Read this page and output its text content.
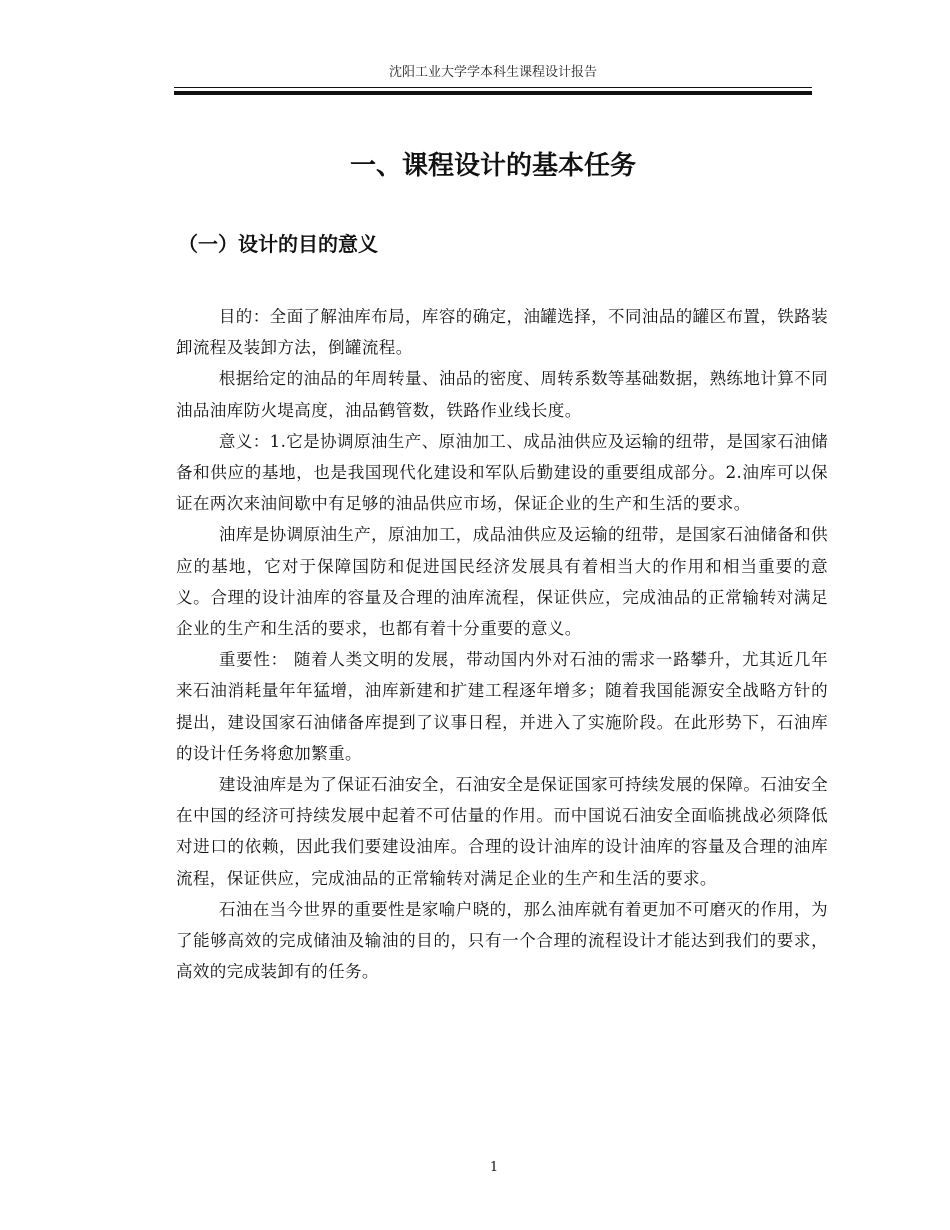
沈阳工业大学学本科生课程设计报告
一、课程设计的基本任务
（一）设计的目的意义

目的：全面了解油库布局，库容的确定，油罐选择，不同油品的罐区布置，铁路装卸流程及装卸方法，倒罐流程。

根据给定的油品的年周转量、油品的密度、周转系数等基础数据，熟练地计算不同油品油库防火堤高度，油品鹤管数，铁路作业线长度。

意义：1.它是协调原油生产、原油加工、成品油供应及运输的纽带，是国家石油储备和供应的基地，也是我国现代化建设和军队后勤建设的重要组成部分。2.油库可以保证在两次来油间歇中有足够的油品供应市场，保证企业的生产和生活的要求。

油库是协调原油生产，原油加工，成品油供应及运输的纽带，是国家石油储备和供应的基地，它对于保障国防和促进国民经济发展具有着相当大的作用和相当重要的意义。合理的设计油库的容量及合理的油库流程，保证供应，完成油品的正常输转对满足企业的生产和生活的要求，也都有着十分重要的意义。

重要性： 随着人类文明的发展，带动国内外对石油的需求一路攀升，尤其近几年来石油消耗量年年猛增，油库新建和扩建工程逐年增多；随着我国能源安全战略方针的提出，建设国家石油储备库提到了议事日程，并进入了实施阶段。在此形势下，石油库的设计任务将愈加繁重。

建设油库是为了保证石油安全，石油安全是保证国家可持续发展的保障。石油安全在中国的经济可持续发展中起着不可估量的作用。而中国说石油安全面临挑战必须降低对进口的依赖，因此我们要建设油库。合理的设计油库的设计油库的容量及合理的油库流程，保证供应，完成油品的正常输转对满足企业的生产和生活的要求。

石油在当今世界的重要性是家喻户晓的，那么油库就有着更加不可磨灭的作用，为了能够高效的完成储油及输油的目的，只有一个合理的流程设计才能达到我们的要求，高效的完成装卸有的任务。

1
